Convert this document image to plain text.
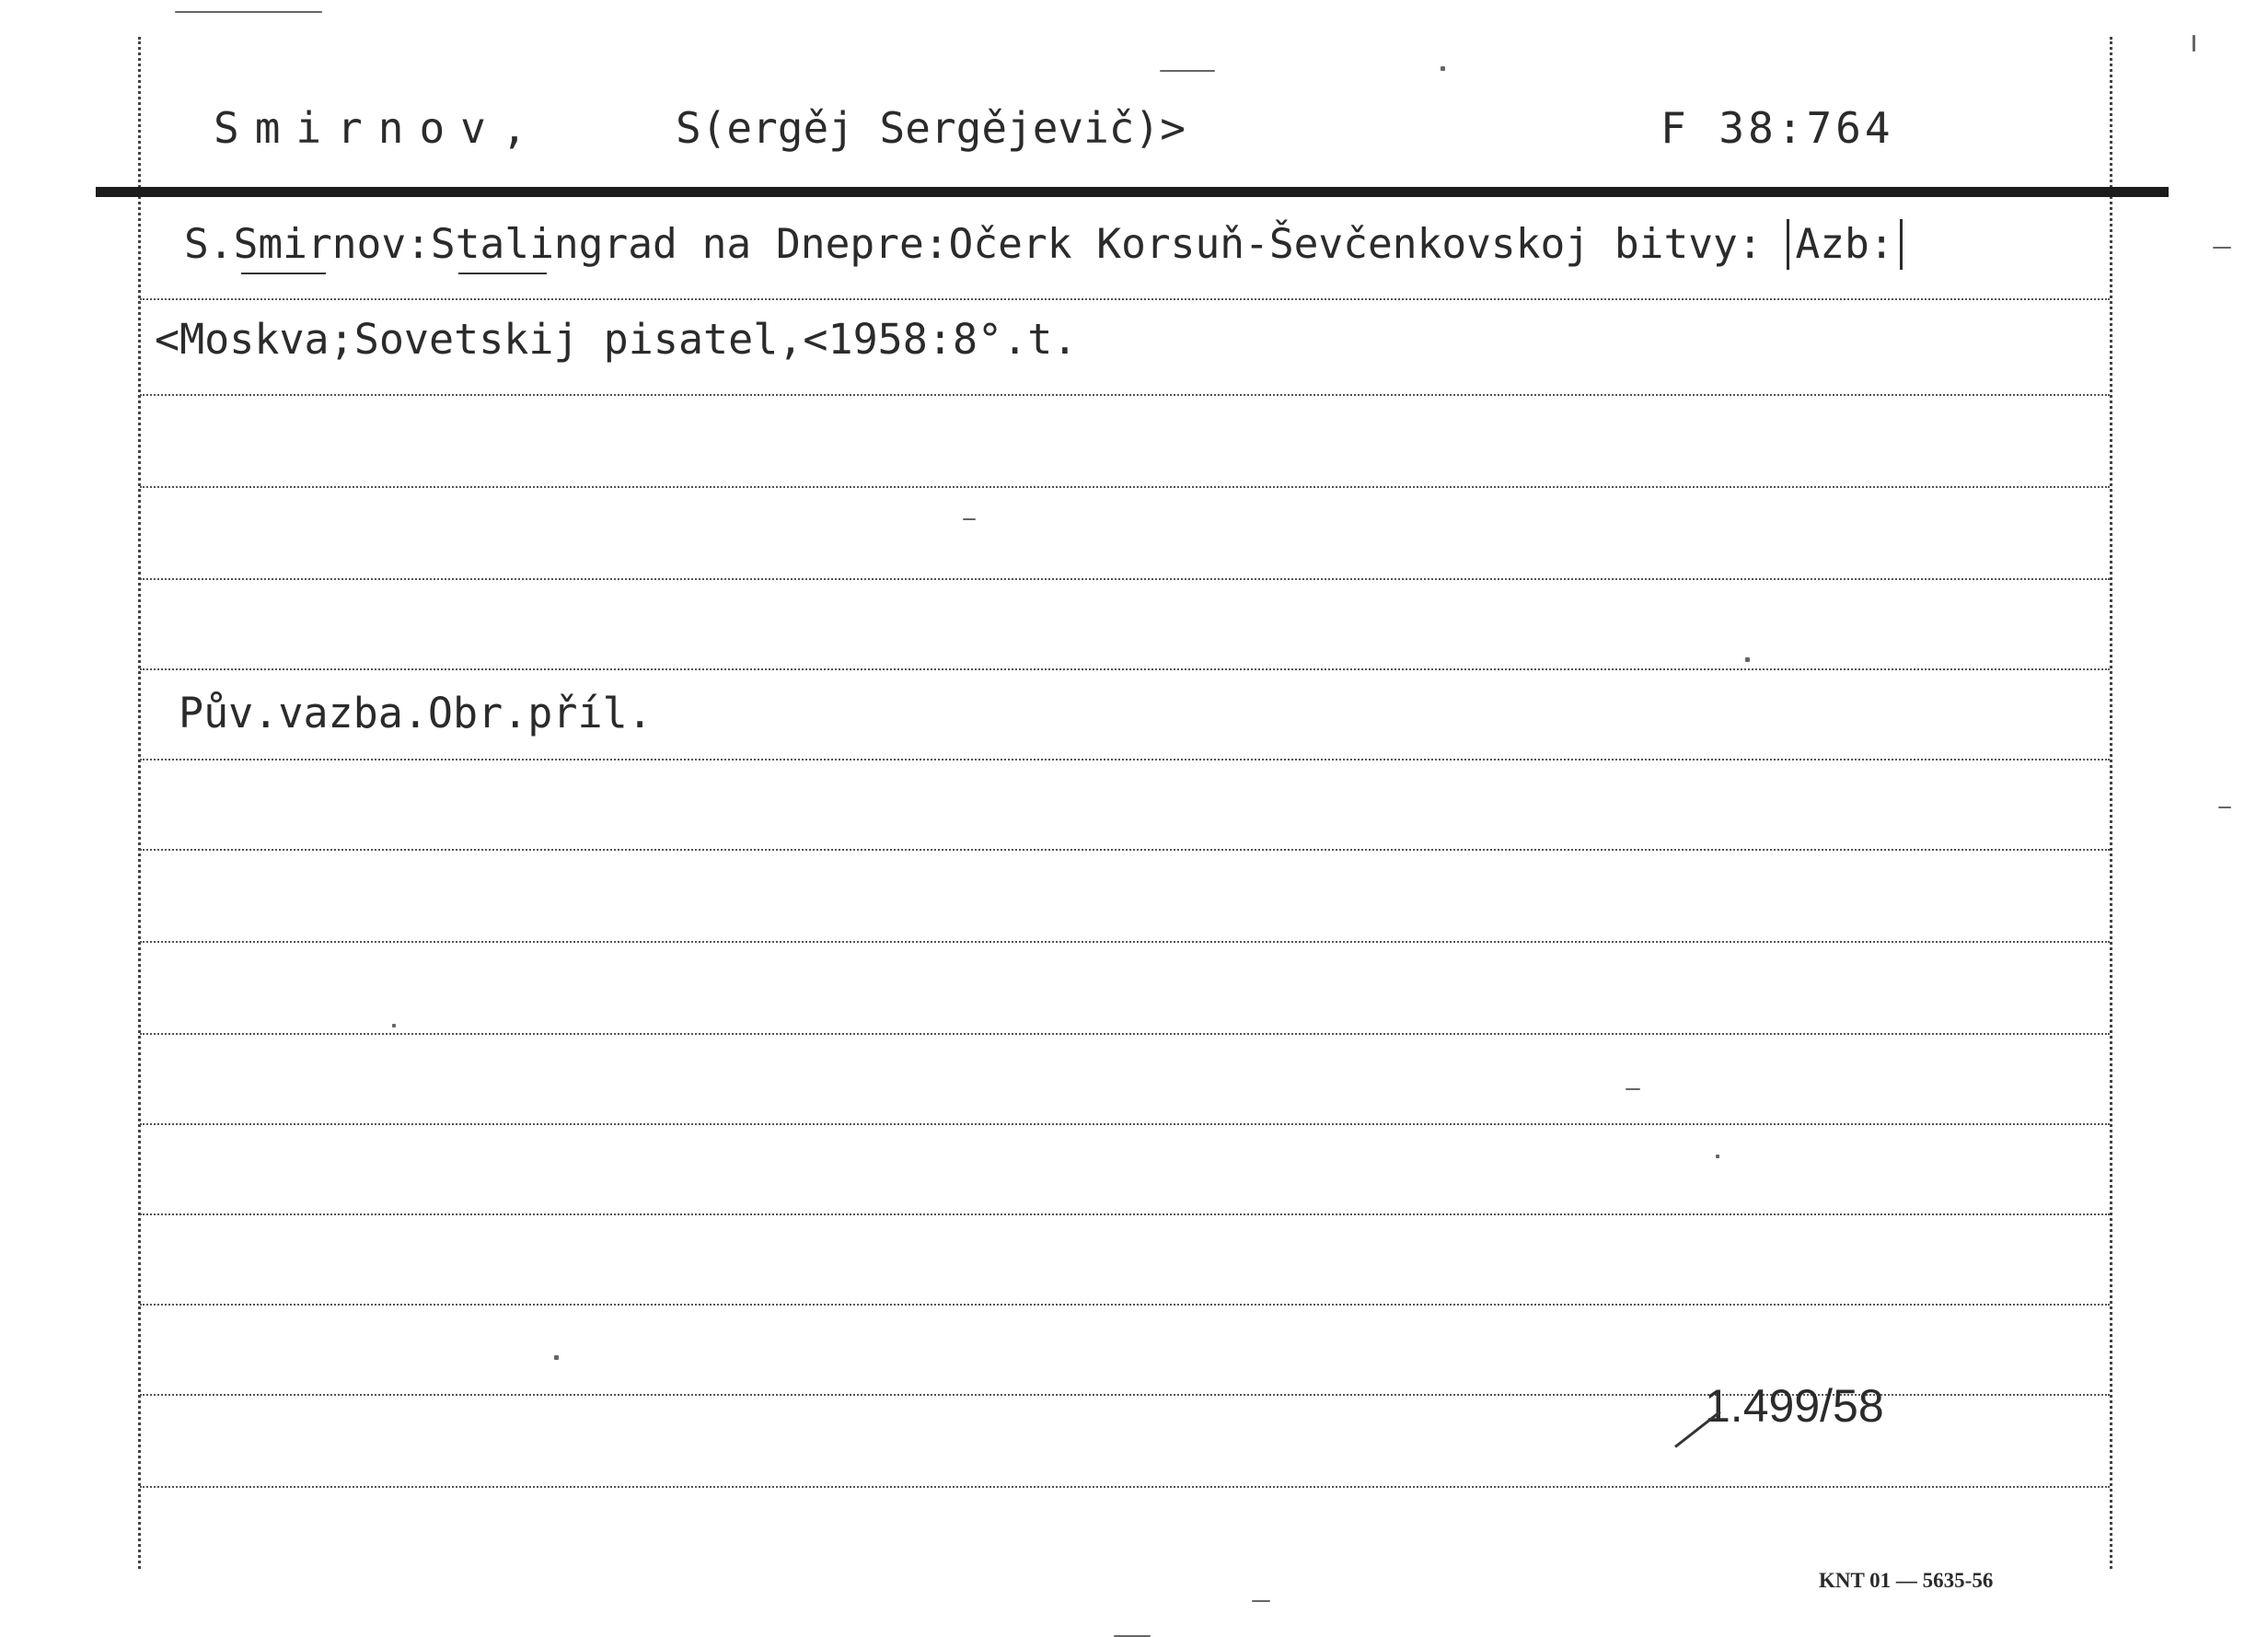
Smirnov,	S(ergěj Sergějevič)>	F 38:764
S.Smirnov:Stalingrad na Dnepre:Očerk Korsuň-Ševčenkovskoj bitvy: Azb:
<Moskva;Sovetskij pisatel,<1958:8°.t.
Pův.vazba.Obr.příl.
1.499/58
KNT 01 — 5635-56
